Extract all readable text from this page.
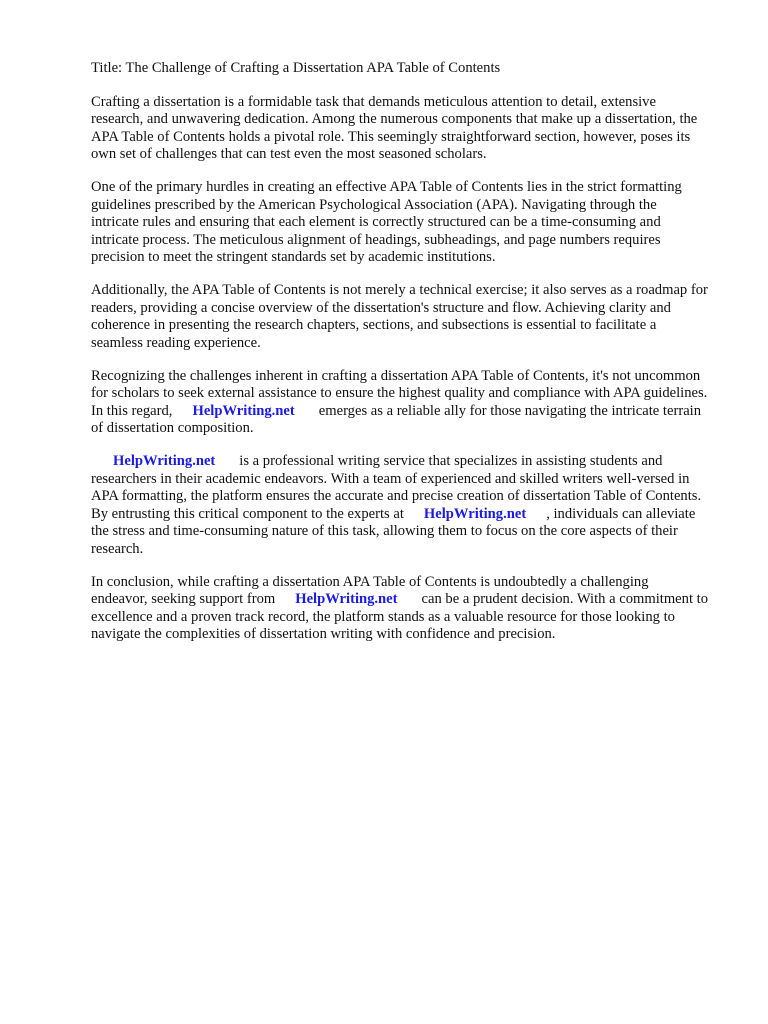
Title: The Challenge of Crafting a Dissertation APA Table of Contents
Crafting a dissertation is a formidable task that demands meticulous attention to detail, extensive research, and unwavering dedication. Among the numerous components that make up a dissertation, the APA Table of Contents holds a pivotal role. This seemingly straightforward section, however, poses its own set of challenges that can test even the most seasoned scholars.
One of the primary hurdles in creating an effective APA Table of Contents lies in the strict formatting guidelines prescribed by the American Psychological Association (APA). Navigating through the intricate rules and ensuring that each element is correctly structured can be a time-consuming and intricate process. The meticulous alignment of headings, subheadings, and page numbers requires precision to meet the stringent standards set by academic institutions.
Additionally, the APA Table of Contents is not merely a technical exercise; it also serves as a roadmap for readers, providing a concise overview of the dissertation's structure and flow. Achieving clarity and coherence in presenting the research chapters, sections, and subsections is essential to facilitate a seamless reading experience.
Recognizing the challenges inherent in crafting a dissertation APA Table of Contents, it's not uncommon for scholars to seek external assistance to ensure the highest quality and compliance with APA guidelines. In this regard, HelpWriting.net emerges as a reliable ally for those navigating the intricate terrain of dissertation composition.
HelpWriting.net is a professional writing service that specializes in assisting students and researchers in their academic endeavors. With a team of experienced and skilled writers well-versed in APA formatting, the platform ensures the accurate and precise creation of dissertation Table of Contents. By entrusting this critical component to the experts at HelpWriting.net , individuals can alleviate the stress and time-consuming nature of this task, allowing them to focus on the core aspects of their research.
In conclusion, while crafting a dissertation APA Table of Contents is undoubtedly a challenging endeavor, seeking support from HelpWriting.net can be a prudent decision. With a commitment to excellence and a proven track record, the platform stands as a valuable resource for those looking to navigate the complexities of dissertation writing with confidence and precision.
